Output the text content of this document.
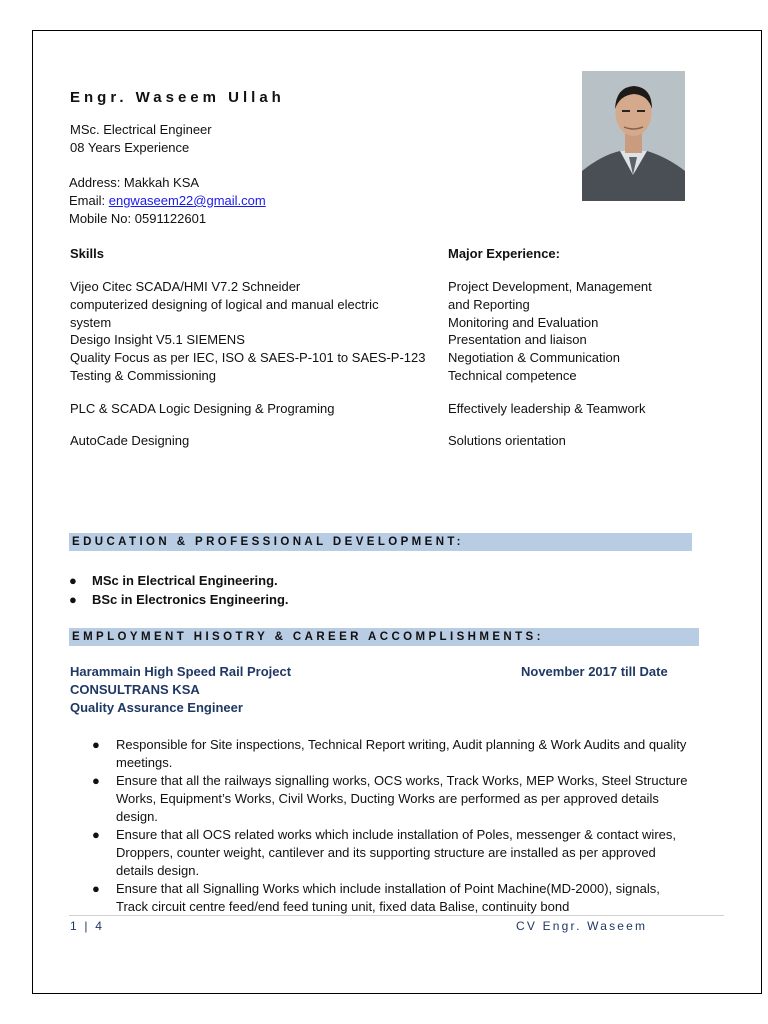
Engr. Waseem Ullah
MSc. Electrical Engineer
08 Years Experience
Address: Makkah KSA
Email: engwaseem22@gmail.com
Mobile No: 0591122601
Skills
Vijeo Citec SCADA/HMI V7.2 Schneider
computerized designing of logical and manual electric
system
Desigo Insight V5.1 SIEMENS
Quality Focus as per IEC, ISO & SAES-P-101 to SAES-P-123
Testing & Commissioning
PLC & SCADA Logic Designing & Programing
AutoCade Designing
Major Experience:
Project Development, Management
and Reporting
Monitoring and Evaluation
Presentation and liaison
Negotiation & Communication
Technical competence
Effectively leadership & Teamwork
Solutions orientation
EDUCATION & PROFESSIONAL DEVELOPMENT:
● MSc in Electrical Engineering.
● BSc in Electronics Engineering.
EMPLOYMENT HISOTRY & CAREER ACCOMPLISHMENTS:
Harammain High Speed Rail Project	November 2017 till Date
CONSULTRANS KSA
Quality Assurance Engineer
● Responsible for Site inspections, Technical Report writing, Audit planning & Work Audits and quality meetings.
● Ensure that all the railways signalling works, OCS works, Track Works, MEP Works, Steel Structure Works, Equipment’s Works, Civil Works, Ducting Works are performed as per approved details design.
● Ensure that all OCS related works which include installation of Poles, messenger & contact wires, Droppers, counter weight, cantilever and its supporting structure are installed as per approved details design.
● Ensure that all Signalling Works which include installation of Point Machine(MD-2000), signals, Track circuit centre feed/end feed tuning unit, fixed data Balise, continuity bond
1 | 4	CV Engr. Waseem
